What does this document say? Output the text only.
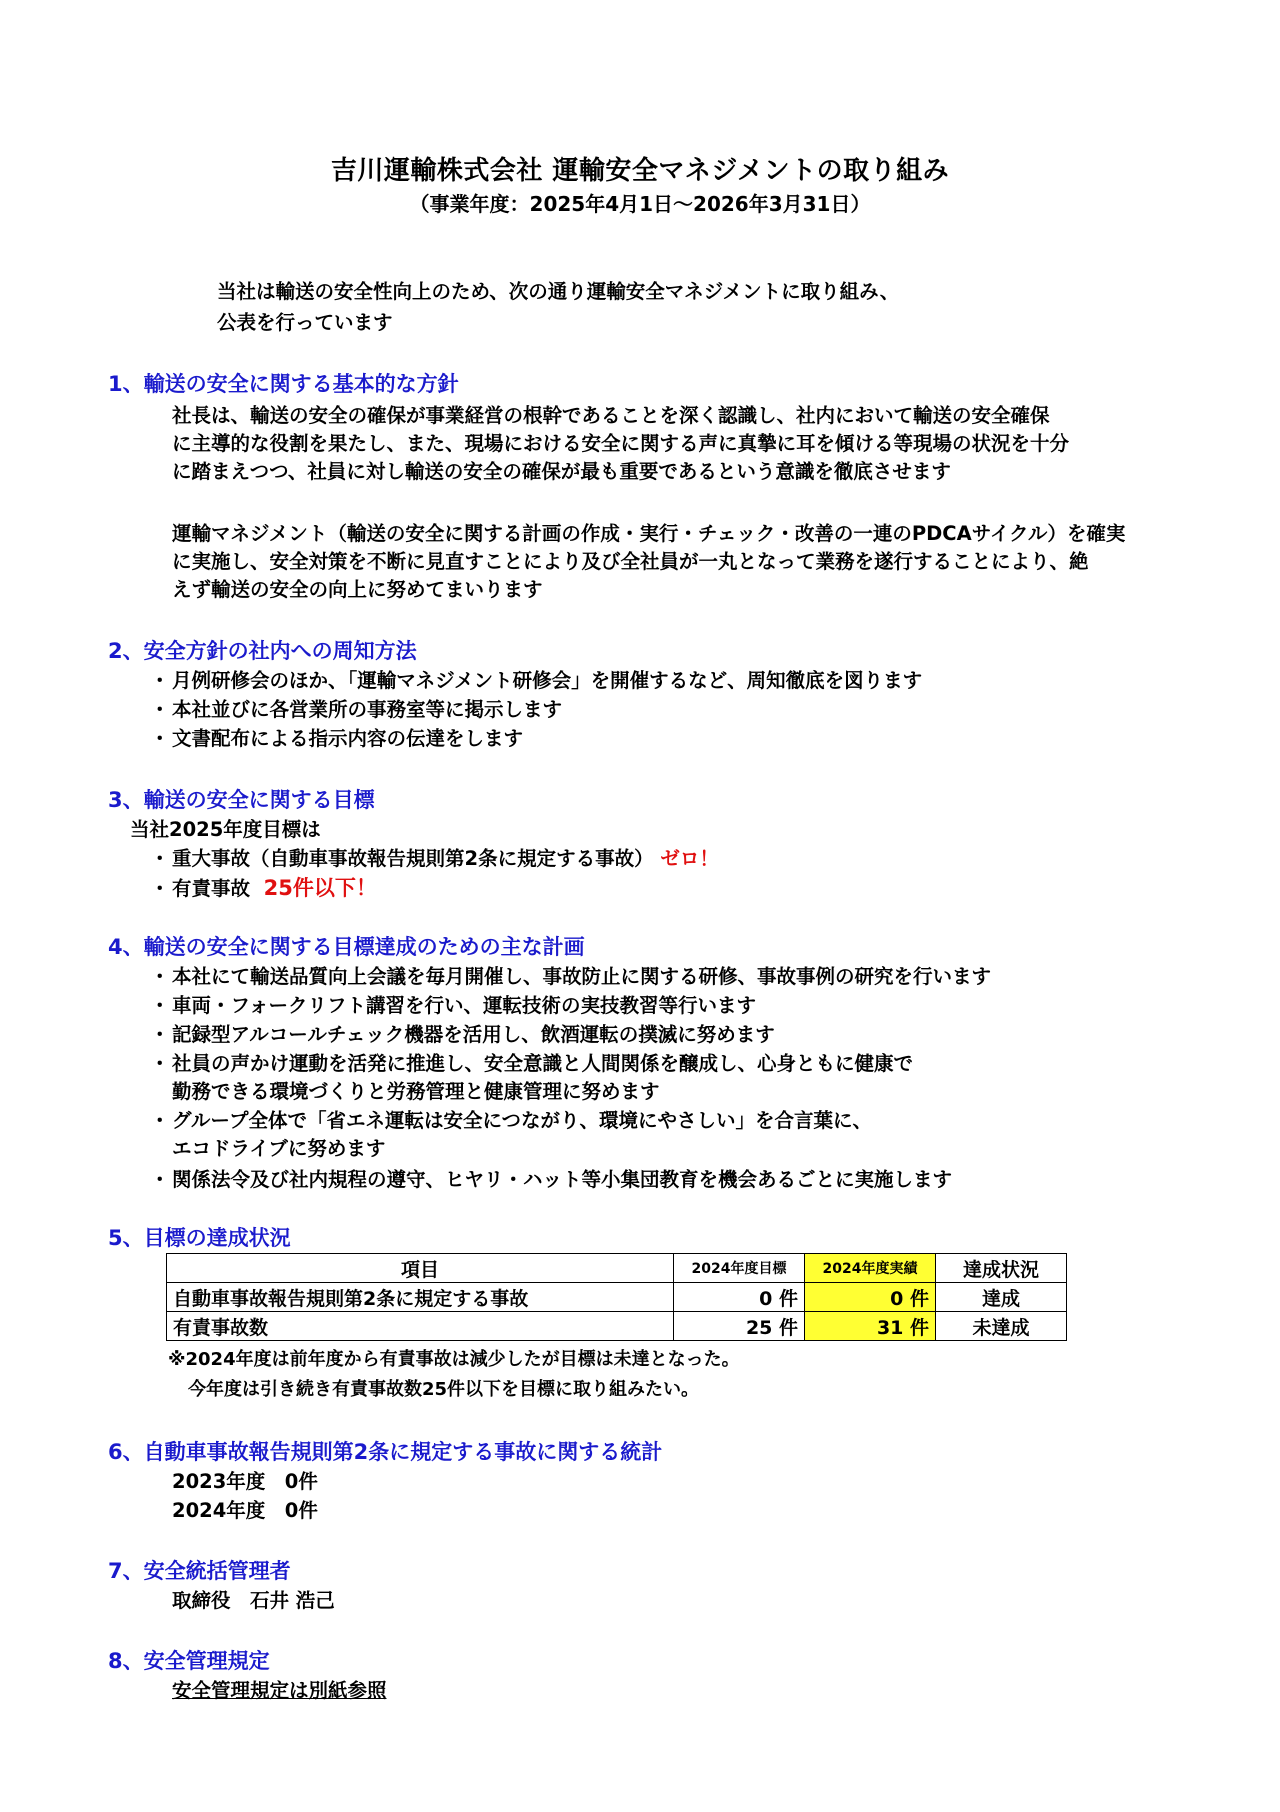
吉川運輸株式会社 運輸安全マネジメントの取り組み
（事業年度：2025年4月1日～2026年3月31日）
当社は輸送の安全性向上のため、次の通り運輸安全マネジメントに取り組み、
公表を行っています
1、輸送の安全に関する基本的な方針
社長は、輸送の安全の確保が事業経営の根幹であることを深く認識し、社内において輸送の安全確保
に主導的な役割を果たし、また、現場における安全に関する声に真摯に耳を傾ける等現場の状況を十分
に踏まえつつ、社員に対し輸送の安全の確保が最も重要であるという意識を徹底させます
運輸マネジメント（輸送の安全に関する計画の作成・実行・チェック・改善の一連のPDCAサイクル）を確実
に実施し、安全対策を不断に見直すことにより及び全社員が一丸となって業務を遂行することにより、絶
えず輸送の安全の向上に努めてまいります
2、安全方針の社内への周知方法
・ 月例研修会のほか、「運輸マネジメント研修会」を開催するなど、周知徹底を図ります
・ 本社並びに各営業所の事務室等に掲示します
・ 文書配布による指示内容の伝達をします
3、輸送の安全に関する目標
当社2025年度目標は
・ 重大事故（自動車事故報告規則第2条に規定する事故） ゼロ！
・ 有責事故 25件以下！
4、輸送の安全に関する目標達成のための主な計画
・ 本社にて輸送品質向上会議を毎月開催し、事故防止に関する研修、事故事例の研究を行います
・ 車両・フォークリフト講習を行い、運転技術の実技教習等行います
・ 記録型アルコールチェック機器を活用し、飲酒運転の撲滅に努めます
・ 社員の声かけ運動を活発に推進し、安全意識と人間関係を醸成し、心身ともに健康で
勤務できる環境づくりと労務管理と健康管理に努めます
・ グループ全体で「省エネ運転は安全につながり、環境にやさしい」を合言葉に、
エコドライブに努めます
・ 関係法令及び社内規程の遵守、ヒヤリ・ハット等小集団教育を機会あるごとに実施します
5、目標の達成状況
項目	2024年度目標	2024年度実績	達成状況
自動車事故報告規則第2条に規定する事故	0 件	0 件	達成
有責事故数	25 件	31 件	未達成
※2024年度は前年度から有責事故は減少したが目標は未達となった。
今年度は引き続き有責事故数25件以下を目標に取り組みたい。
6、自動車事故報告規則第2条に規定する事故に関する統計
2023年度　0件
2024年度　0件
7、安全統括管理者
取締役　石井 浩己
8、安全管理規定
安全管理規定は別紙参照
